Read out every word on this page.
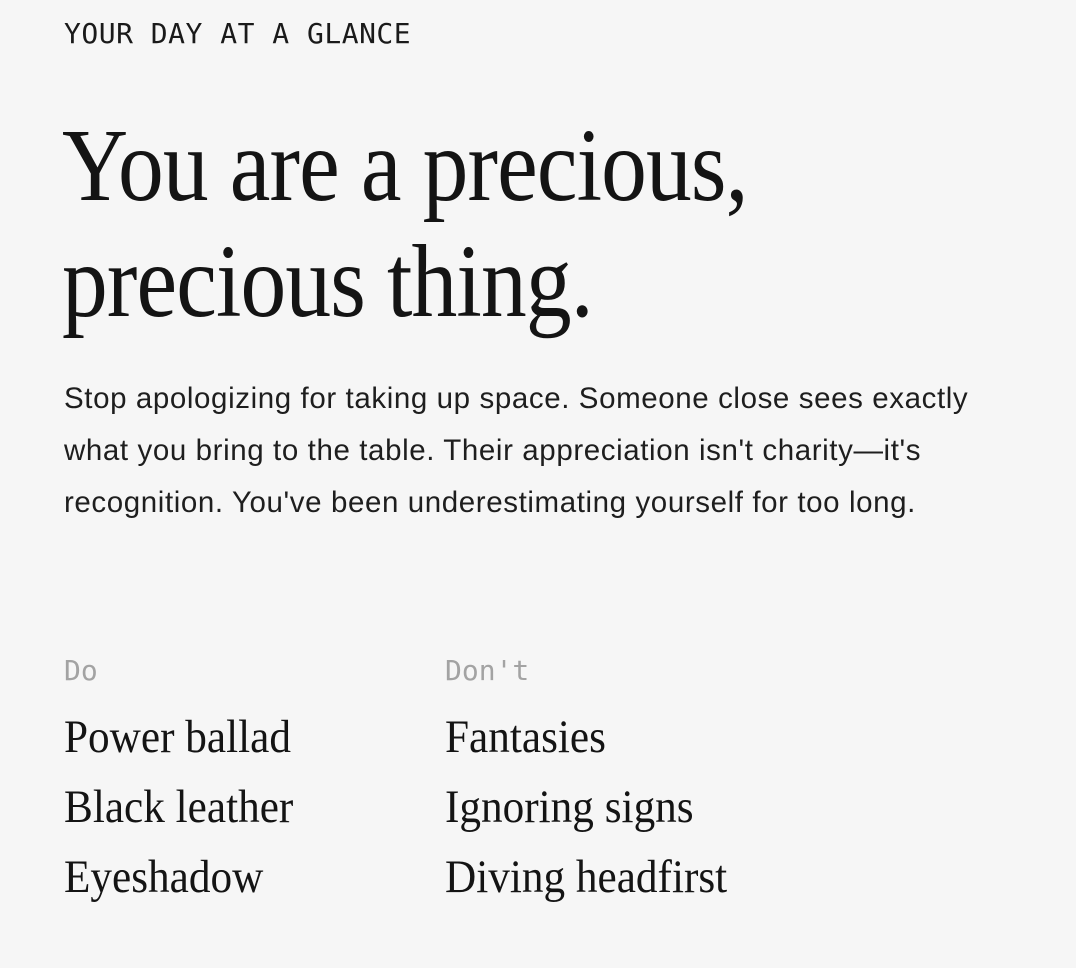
YOUR DAY AT A GLANCE
You are a precious,
precious thing.

Stop apologizing for taking up space. Someone close sees exactly what you bring to the table. Their appreciation isn't charity—it's recognition. You've been underestimating yourself for too long.

Do
Power ballad
Black leather
Eyeshadow
Don't
Fantasies
Ignoring signs
Diving headfirst
